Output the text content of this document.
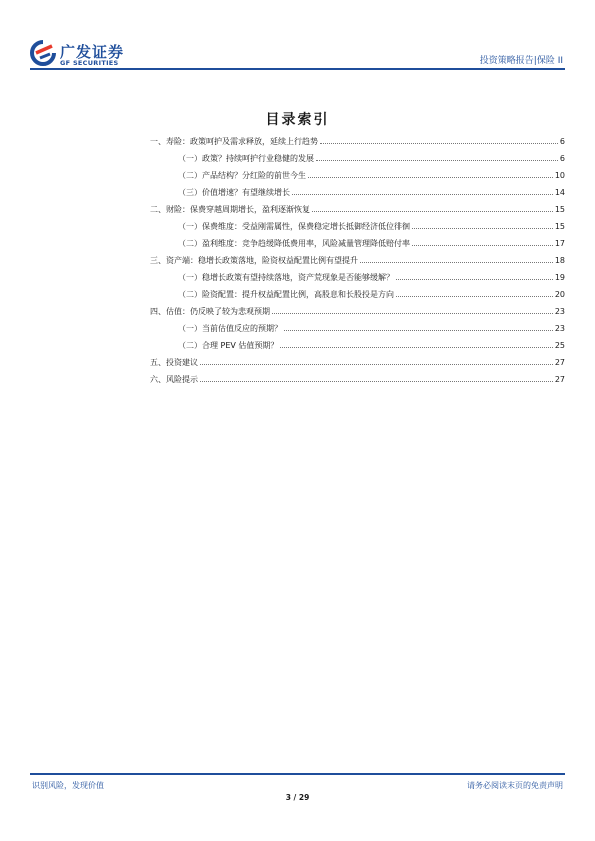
广发证券
GF SECURITIES	投资策略报告|保险 II
目录索引
一、寿险：政策呵护及需求释放，延续上行趋势	6
（一）政策？持续呵护行业稳健的发展	6
（二）产品结构？分红险的前世今生	10
（三）价值增速？有望继续增长	14
二、财险：保费穿越周期增长，盈利逐渐恢复	15
（一）保费维度：受益刚需属性，保费稳定增长抵御经济低位徘徊	15
（二）盈利维度：竞争趋缓降低费用率，风险减量管理降低赔付率	17
三、资产端：稳增长政策落地，险资权益配置比例有望提升	18
（一）稳增长政策有望持续落地，资产荒现象是否能够缓解？	19
（二）险资配置：提升权益配置比例，高股息和长股投是方向	20
四、估值：仍反映了较为悲观预期	23
（一）当前估值反应的预期？	23
（二）合理 PEV 估值预期？	25
五、投资建议	27
六、风险提示	27
识别风险，发现价值	请务必阅读末页的免责声明
3 / 29
